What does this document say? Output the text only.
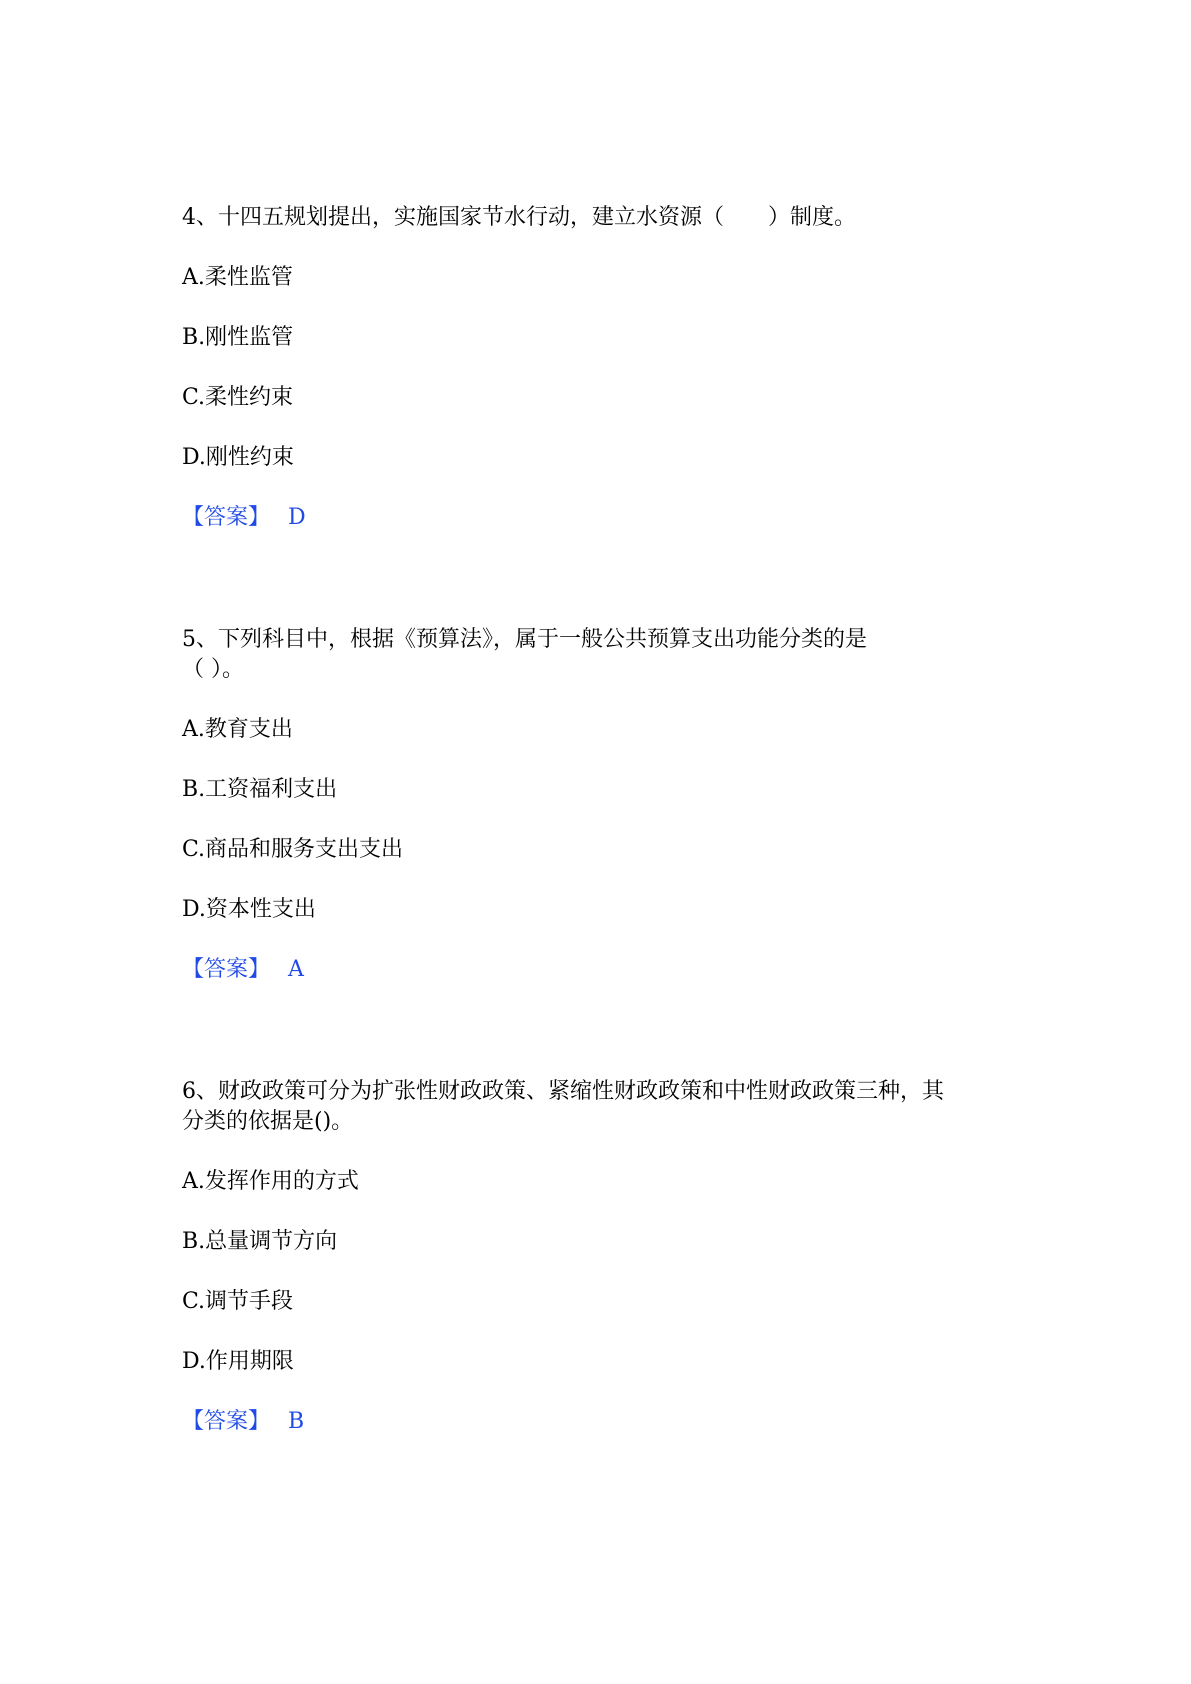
4、十四五规划提出，实施国家节水行动，建立水资源（　　）制度。
A.柔性监管
B.刚性监管
C.柔性约束
D.刚性约束
【答案】 D
5、下列科目中，根据《预算法》，属于一般公共预算支出功能分类的是
（ ）。
A.教育支出
B.工资福利支出
C.商品和服务支出支出
D.资本性支出
【答案】 A
6、财政政策可分为扩张性财政政策、紧缩性财政政策和中性财政政策三种，其
分类的依据是()。
A.发挥作用的方式
B.总量调节方向
C.调节手段
D.作用期限
【答案】 B
